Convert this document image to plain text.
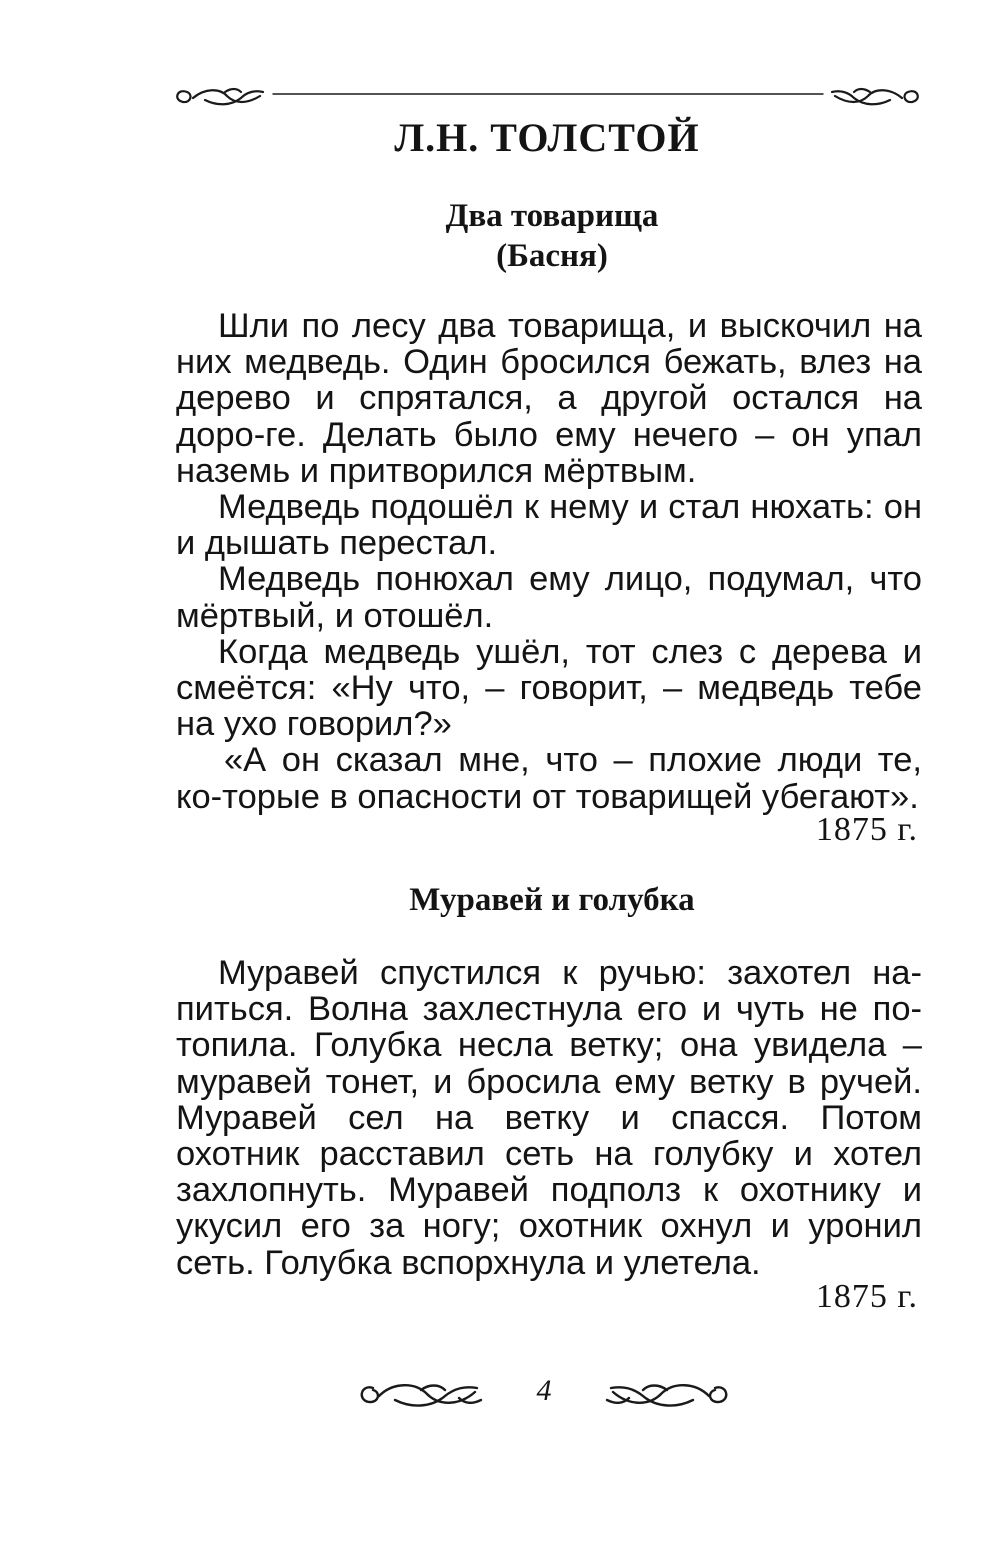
Л.Н. ТОЛСТОЙ
Два товарища
(Басня)

Шли по лесу два товарища, и выскочил на них медведь. Один бросился бежать, влез на дерево и спрятался, а другой остался на доро-ге. Делать было ему нечего – он упал наземь и притворился мёртвым.

Медведь подошёл к нему и стал нюхать: он и дышать перестал.

Медведь понюхал ему лицо, подумал, что мёртвый, и отошёл.

Когда медведь ушёл, тот слез с дерева и смеётся: «Ну что, – говорит, – медведь тебе на ухо говорил?»

«А он сказал мне, что – плохие люди те, ко-торые в опасности от товарищей убегают».

1875 г.

Муравей и голубка

Муравей спустился к ручью: захотел на-питься. Волна захлестнула его и чуть не по-топила. Голубка несла ветку; она увидела – муравей тонет, и бросила ему ветку в ручей. Муравей сел на ветку и спасся. Потом охотник расставил сеть на голубку и хотел захлопнуть. Муравей подполз к охотнику и укусил его за ногу; охотник охнул и уронил сеть. Голубка вспорхнула и улетела.

1875 г.

4
